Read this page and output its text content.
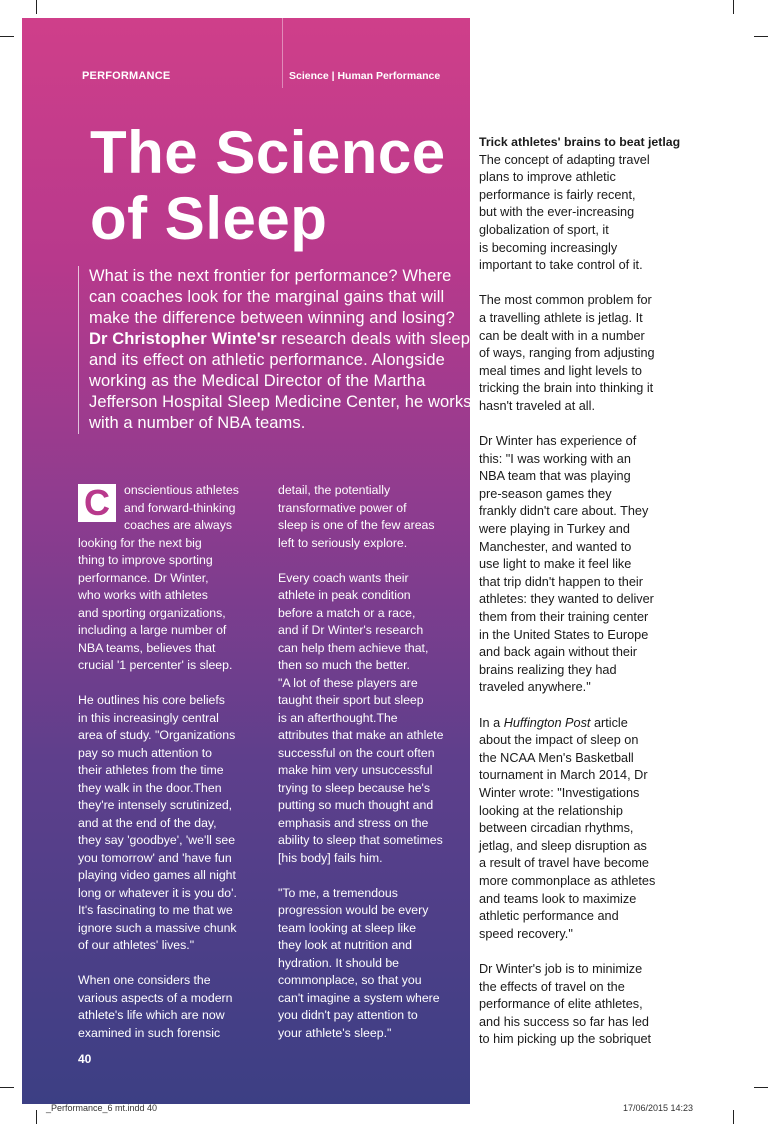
PERFORMANCE	Science | Human Performance
The Science of Sleep
What is the next frontier for performance? Where can coaches look for the marginal gains that will make the difference between winning and losing? Dr Christopher Winte'sr research deals with sleep and its effect on athletic performance. Alongside working as the Medical Director of the Martha Jefferson Hospital Sleep Medicine Center, he works with a number of NBA teams.
C	onscientious athletes
and forward-thinking
coaches are always
looking for the next big
thing to improve sporting
performance. Dr Winter,
who works with athletes
and sporting organizations,
including a large number of
NBA teams, believes that
crucial '1 percenter' is sleep.

He outlines his core beliefs
in this increasingly central
area of study. "Organizations
pay so much attention to
their athletes from the time
they walk in the door.Then
they're intensely scrutinized,
and at the end of the day,
they say 'goodbye', 'we'll see
you tomorrow' and 'have fun
playing video games all night
long or whatever it is you do'.
It's fascinating to me that we
ignore such a massive chunk
of our athletes' lives."

When one considers the
various aspects of a modern
athlete's life which are now
examined in such forensic
detail, the potentially
transformative power of
sleep is one of the few areas
left to seriously explore.

Every coach wants their
athlete in peak condition
before a match or a race,
and if Dr Winter's research
can help them achieve that,
then so much the better.
"A lot of these players are
taught their sport but sleep
is an afterthought.The
attributes that make an athlete
successful on the court often
make him very unsuccessful
trying to sleep because he's
putting so much thought and
emphasis and stress on the
ability to sleep that sometimes
[his body] fails him.

"To me, a tremendous
progression would be every
team looking at sleep like
they look at nutrition and
hydration. It should be
commonplace, so that you
can't imagine a system where
you didn't pay attention to
your athlete's sleep."
Trick athletes' brains to beat jetlag

The concept of adapting travel
plans to improve athletic
performance is fairly recent,
but with the ever-increasing
globalization of sport, it
is becoming increasingly
important to take control of it.

The most common problem for
a travelling athlete is jetlag. It
can be dealt with in a number
of ways, ranging from adjusting
meal times and light levels to
tricking the brain into thinking it
hasn't traveled at all.

Dr Winter has experience of
this: "I was working with an
NBA team that was playing
pre-season games they
frankly didn't care about. They
were playing in Turkey and
Manchester, and wanted to
use light to make it feel like
that trip didn't happen to their
athletes: they wanted to deliver
them from their training center
in the United States to Europe
and back again without their
brains realizing they had
traveled anywhere."

In a Huffington Post article
about the impact of sleep on
the NCAA Men's Basketball
tournament in March 2014, Dr
Winter wrote: "Investigations
looking at the relationship
between circadian rhythms,
jetlag, and sleep disruption as
a result of travel have become
more commonplace as athletes
and teams look to maximize
athletic performance and
speed recovery."

Dr Winter's job is to minimize
the effects of travel on the
performance of elite athletes,
and his success so far has led
to him picking up the sobriquet

40
_Performance_6 mt.indd 40	17/06/2015 14:23
